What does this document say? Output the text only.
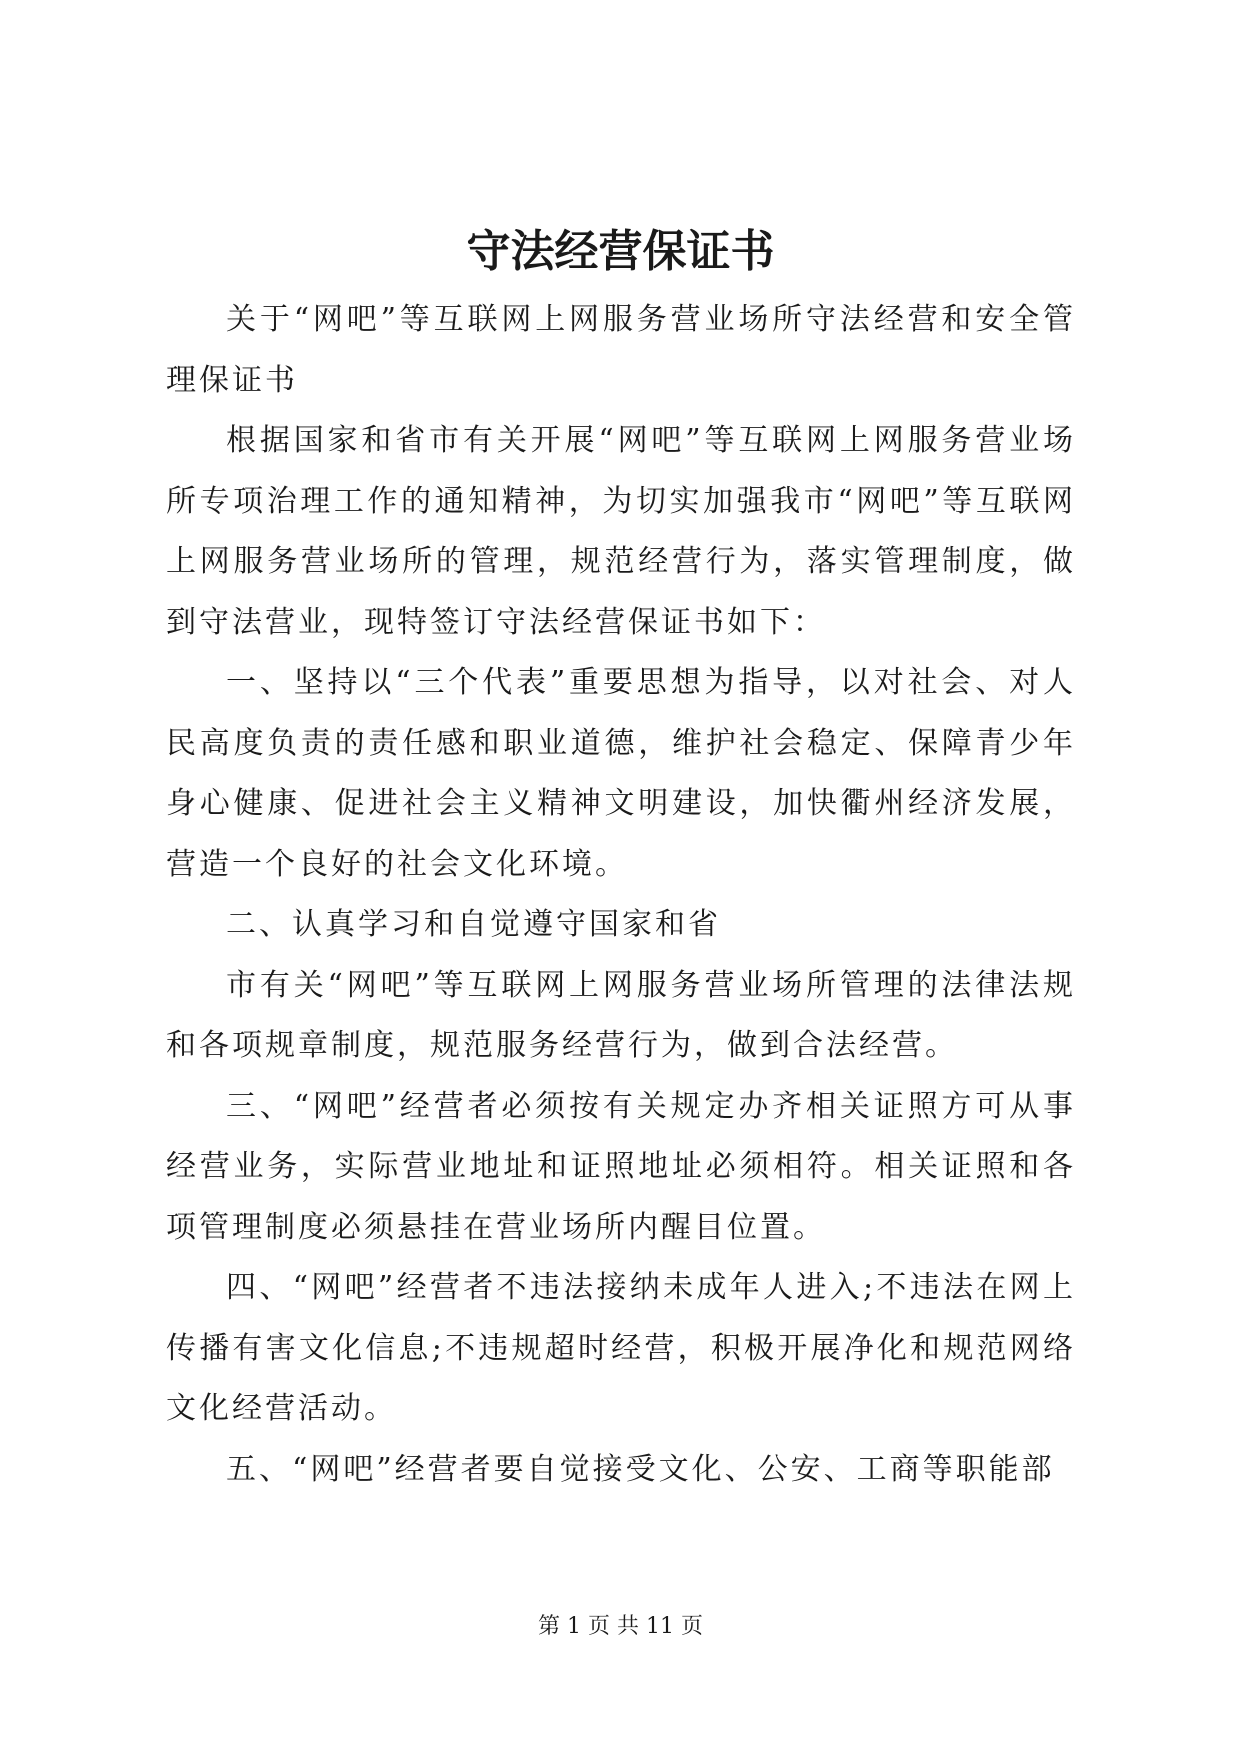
守法经营保证书

关于“网吧”等互联网上网服务营业场所守法经营和安全管理保证书

根据国家和省市有关开展“网吧”等互联网上网服务营业场所专项治理工作的通知精神，为切实加强我市“网吧”等互联网上网服务营业场所的管理，规范经营行为，落实管理制度，做到守法营业，现特签订守法经营保证书如下：

一、坚持以“三个代表”重要思想为指导，以对社会、对人民高度负责的责任感和职业道德，维护社会稳定、保障青少年身心健康、促进社会主义精神文明建设，加快衢州经济发展，营造一个良好的社会文化环境。

二、认真学习和自觉遵守国家和省

市有关“网吧”等互联网上网服务营业场所管理的法律法规和各项规章制度，规范服务经营行为，做到合法经营。

三、“网吧”经营者必须按有关规定办齐相关证照方可从事经营业务，实际营业地址和证照地址必须相符。相关证照和各项管理制度必须悬挂在营业场所内醒目位置。

四、“网吧”经营者不违法接纳未成年人进入;不违法在网上传播有害文化信息;不违规超时经营，积极开展净化和规范网络文化经营活动。

五、“网吧”经营者要自觉接受文化、公安、工商等职能部

第 1 页 共 11 页
